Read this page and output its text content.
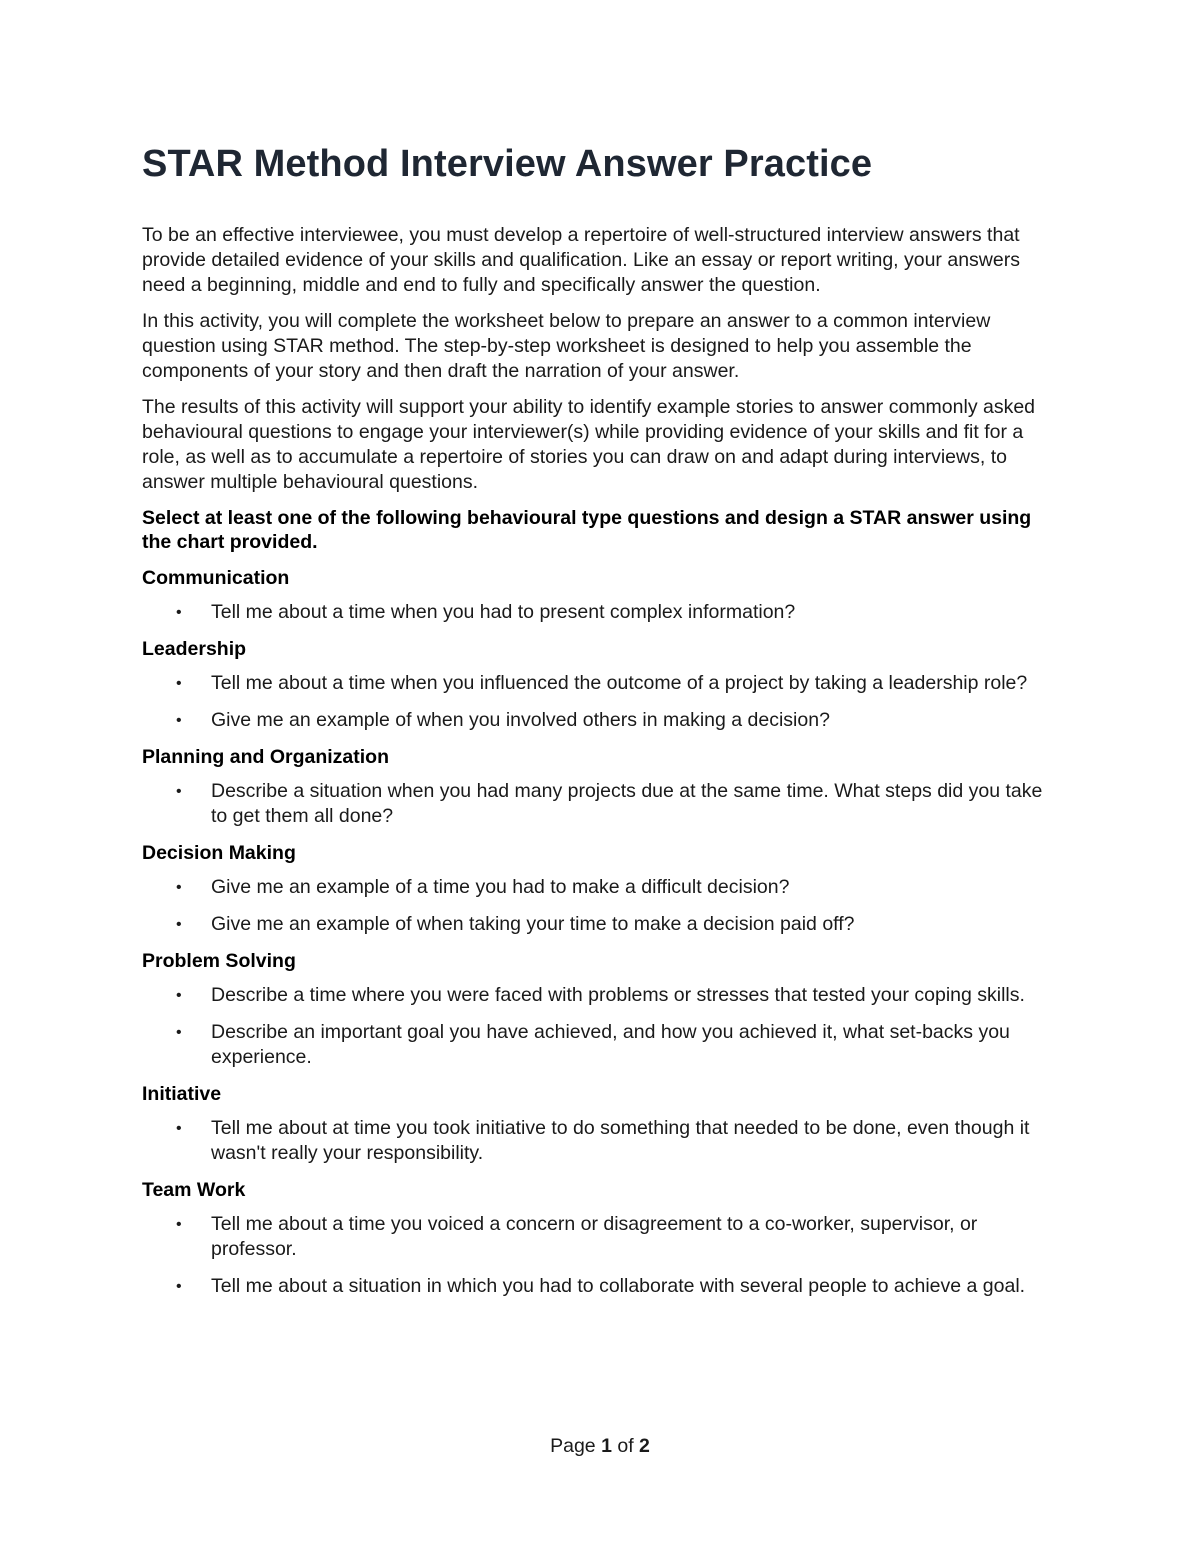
STAR Method Interview Answer Practice

To be an effective interviewee, you must develop a repertoire of well-structured interview answers that provide detailed evidence of your skills and qualification. Like an essay or report writing, your answers need a beginning, middle and end to fully and specifically answer the question.

In this activity, you will complete the worksheet below to prepare an answer to a common interview question using STAR method. The step-by-step worksheet is designed to help you assemble the components of your story and then draft the narration of your answer.

The results of this activity will support your ability to identify example stories to answer commonly asked behavioural questions to engage your interviewer(s) while providing evidence of your skills and fit for a role, as well as to accumulate a repertoire of stories you can draw on and adapt during interviews, to answer multiple behavioural questions.

Select at least one of the following behavioural type questions and design a STAR answer using the chart provided.

Communication
• Tell me about a time when you had to present complex information?
Leadership
• Tell me about a time when you influenced the outcome of a project by taking a leadership role?
• Give me an example of when you involved others in making a decision?
Planning and Organization
• Describe a situation when you had many projects due at the same time. What steps did you take to get them all done?
Decision Making
• Give me an example of a time you had to make a difficult decision?
• Give me an example of when taking your time to make a decision paid off?
Problem Solving
• Describe a time where you were faced with problems or stresses that tested your coping skills.
• Describe an important goal you have achieved, and how you achieved it, what set-backs you experience.
Initiative
• Tell me about at time you took initiative to do something that needed to be done, even though it wasn't really your responsibility.
Team Work
• Tell me about a time you voiced a concern or disagreement to a co-worker, supervisor, or professor.
• Tell me about a situation in which you had to collaborate with several people to achieve a goal.
Page 1 of 2
